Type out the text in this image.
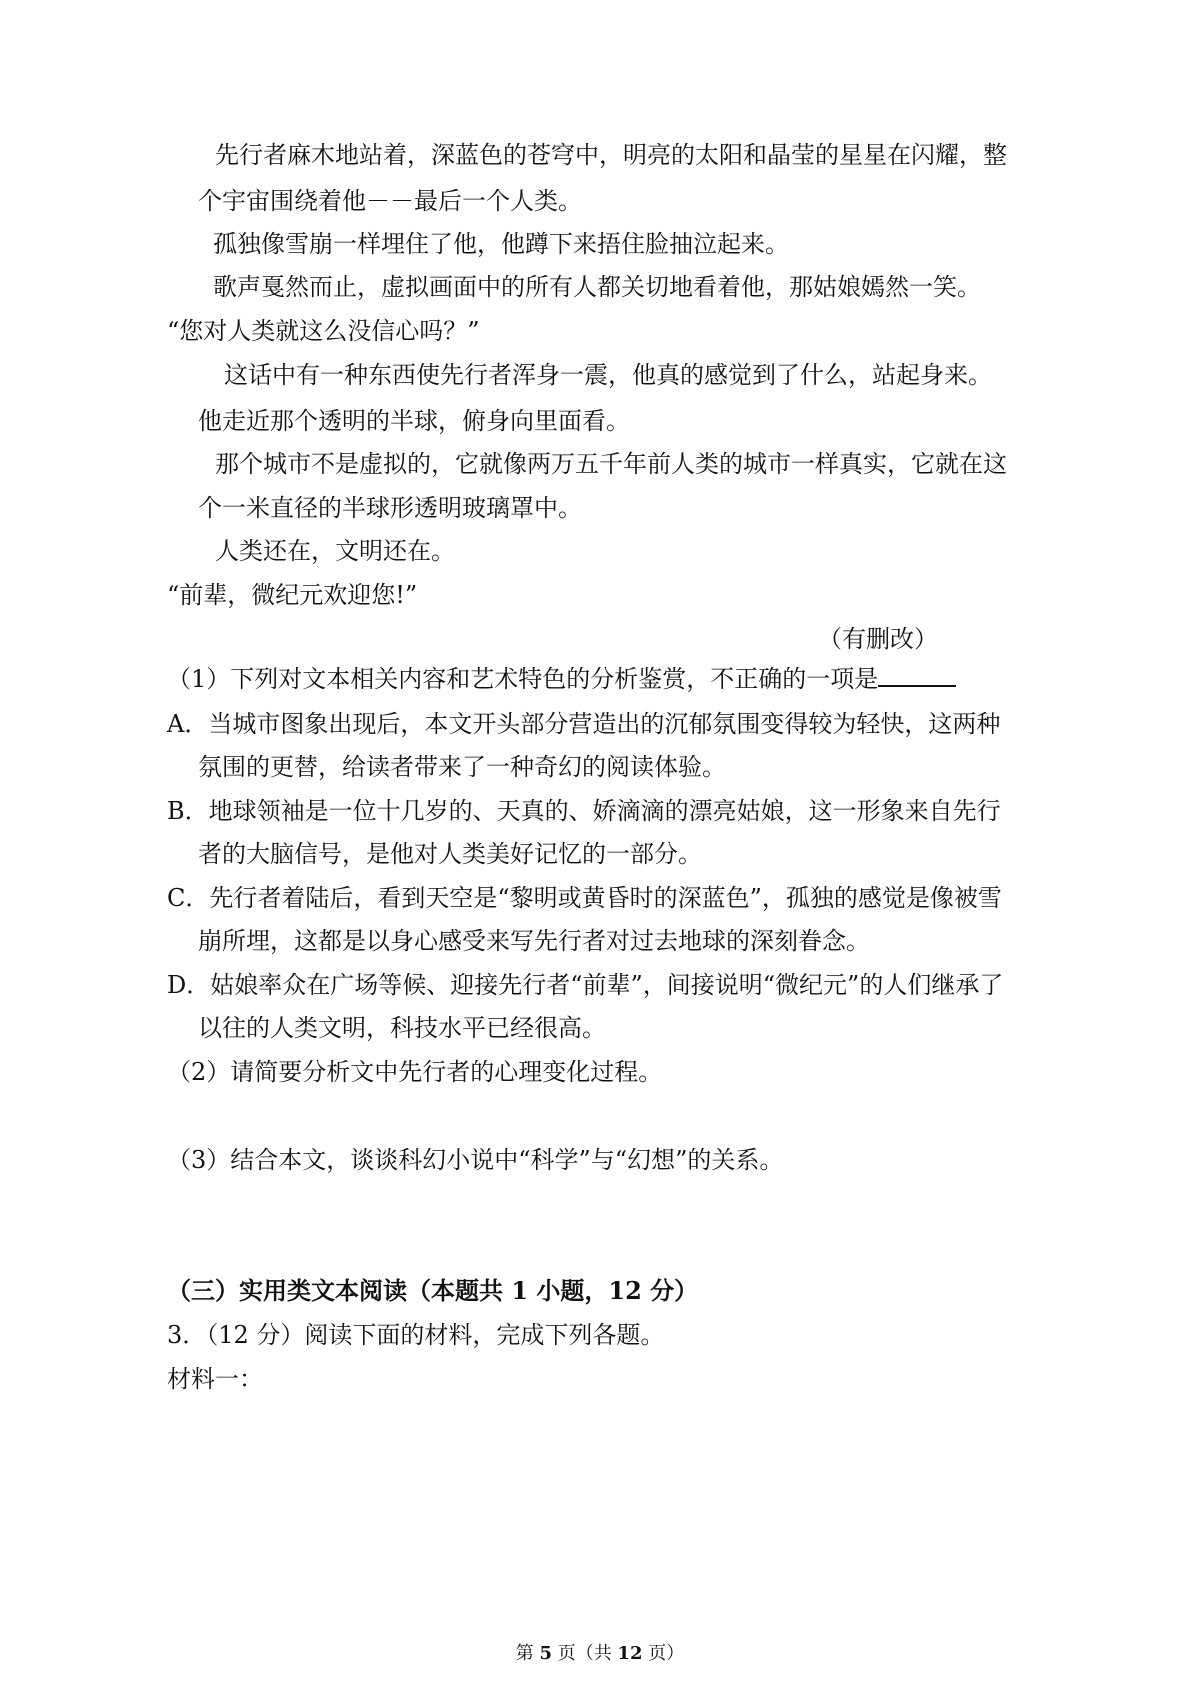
先行者麻木地站着，深蓝色的苍穹中，明亮的太阳和晶莹的星星在闪耀，整
个宇宙围绕着他－－最后一个人类。
孤独像雪崩一样埋住了他，他蹲下来捂住脸抽泣起来。
歌声戛然而止，虚拟画面中的所有人都关切地看着他，那姑娘嫣然一笑。
“您对人类就这么没信心吗？”
这话中有一种东西使先行者浑身一震，他真的感觉到了什么，站起身来。
他走近那个透明的半球，俯身向里面看。
那个城市不是虚拟的，它就像两万五千年前人类的城市一样真实，它就在这
个一米直径的半球形透明玻璃罩中。
人类还在，文明还在。
“前辈，微纪元欢迎您!”
（有删改）
（1）下列对文本相关内容和艺术特色的分析鉴赏，不正确的一项是
A．当城市图象出现后，本文开头部分营造出的沉郁氛围变得较为轻快，这两种
氛围的更替，给读者带来了一种奇幻的阅读体验。
B．地球领袖是一位十几岁的、天真的、娇滴滴的漂亮姑娘，这一形象来自先行
者的大脑信号，是他对人类美好记忆的一部分。
C．先行者着陆后，看到天空是“黎明或黄昏时的深蓝色”，孤独的感觉是像被雪
崩所埋，这都是以身心感受来写先行者对过去地球的深刻眷念。
D．姑娘率众在广场等候、迎接先行者“前辈”，间接说明“微纪元”的人们继承了
以往的人类文明，科技水平已经很高。
（2）请简要分析文中先行者的心理变化过程。
（3）结合本文，谈谈科幻小说中“科学”与“幻想”的关系。
（三）实用类文本阅读（本题共 1 小题，12 分）
3．（12 分）阅读下面的材料，完成下列各题。
材料一：
第 5 页（共 12 页）
